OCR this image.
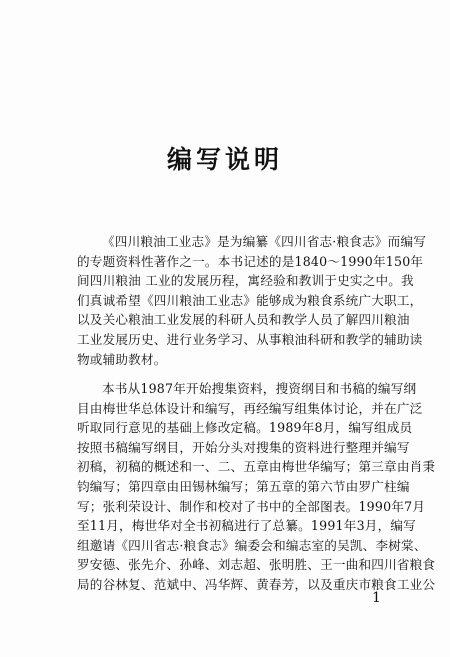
编写说明
《四川粮油工业志》是为编纂《四川省志·粮食志》而编写
的专题资料性著作之一。本书记述的是1840～1990年150年
间四川粮油 工业的发展历程，寓经验和教训于史实之中。我
们真诚希望《四川粮油工业志》能够成为粮食系统广大职工，
以及关心粮油工业发展的科研人员和教学人员了解四川粮油
工业发展历史、进行业务学习、从事粮油科研和教学的辅助读
物或辅助教材。
本书从1987年开始搜集资料，搜资纲目和书稿的编写纲
目由梅世华总体设计和编写，再经编写组集体讨论，并在广泛
听取同行意见的基础上修改定稿。1989年8月，编写组成员
按照书稿编写纲目，开始分头对搜集的资料进行整理并编写
初稿，初稿的概述和一、二、五章由梅世华编写；第三章由肖秉
钧编写；第四章由田锡林编写；第五章的第六节由罗广柱编
写；张利荣设计、制作和校对了书中的全部图表。1990年7月
至11月，梅世华对全书初稿进行了总纂。1991年3月，编写
组邀请《四川省志·粮食志》编委会和编志室的吴凯、李树棠、
罗安德、张先介、孙峰、刘志超、张明胜、王一曲和四川省粮食
局的谷林复、范斌中、冯华辉、黄春芳，以及重庆市粮食工业公
1
